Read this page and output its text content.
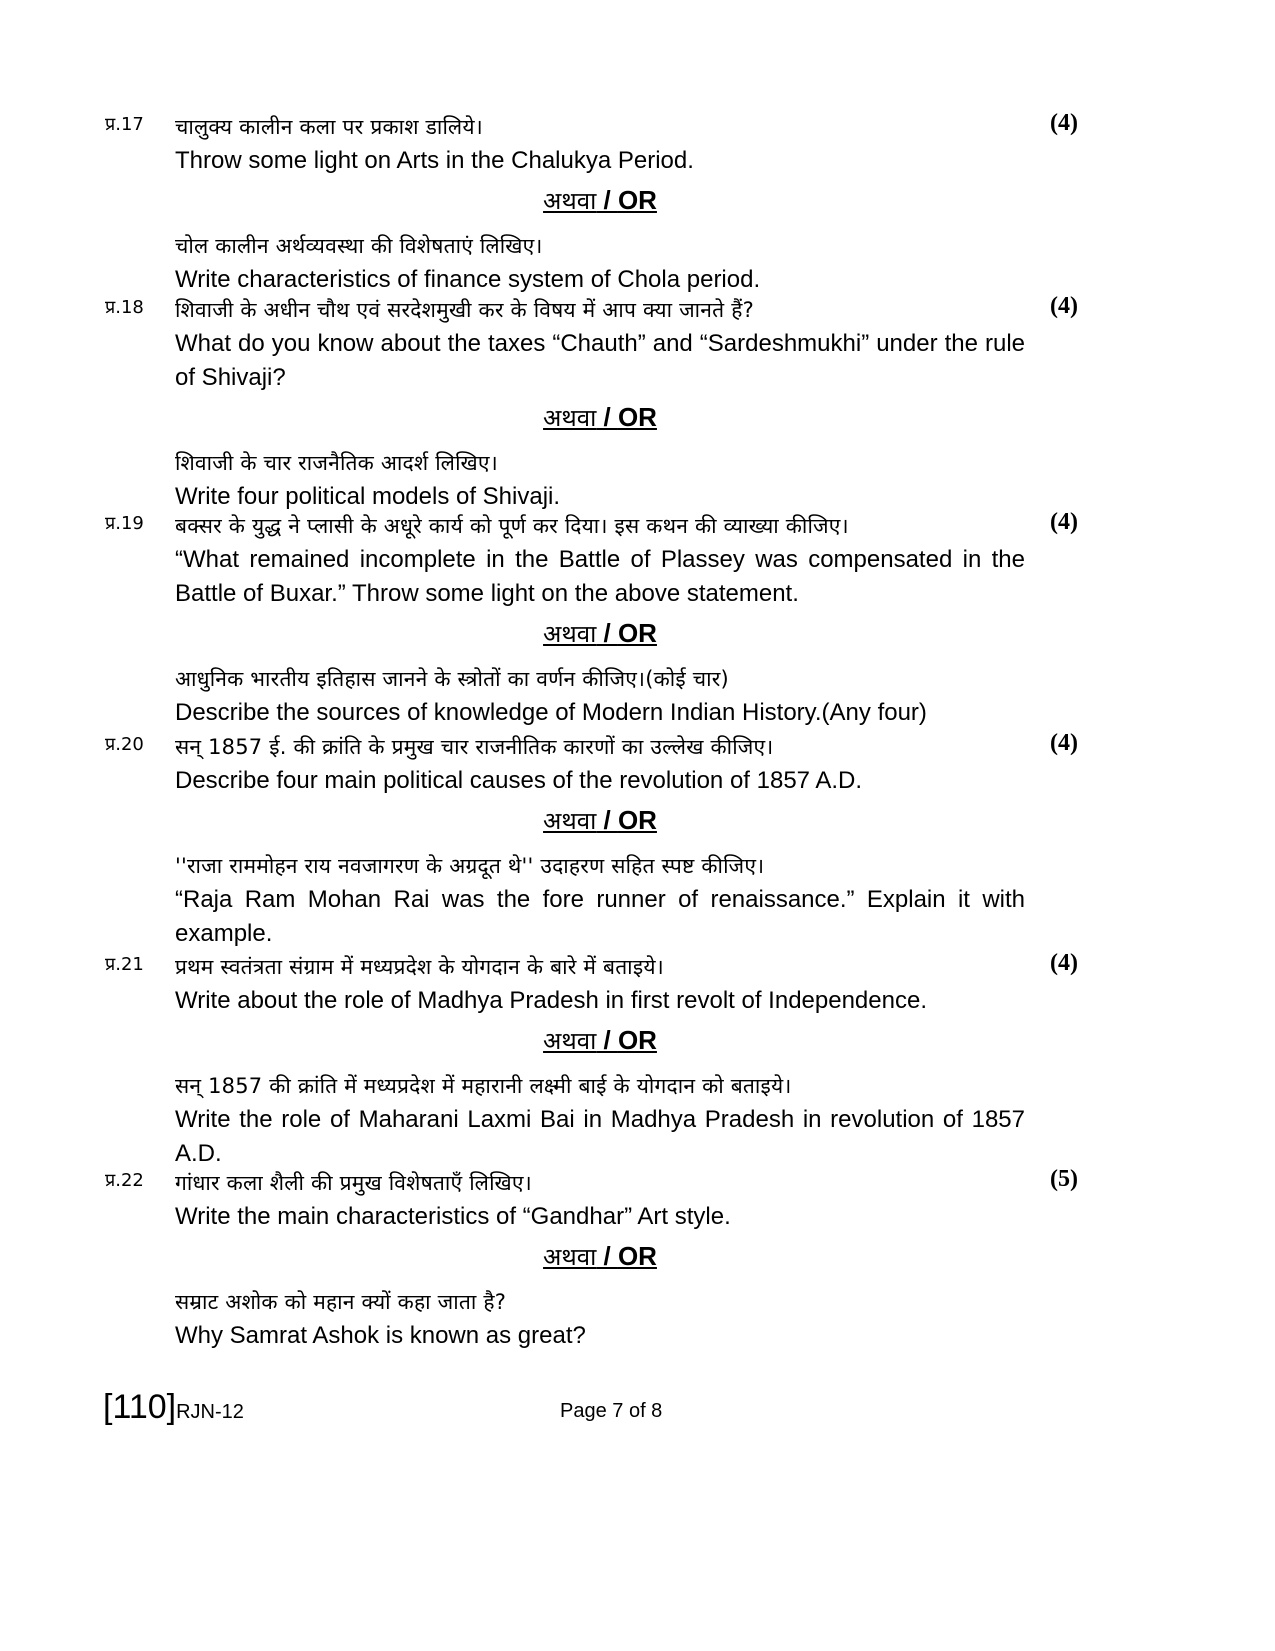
प्र.17	(4)
चालुक्य कालीन कला पर प्रकाश डालिये।
Throw some light on Arts in the Chalukya Period.
अथवा / OR
चोल कालीन अर्थव्यवस्था की विशेषताएं लिखिए।
Write characteristics of finance system of Chola period.
प्र.18	(4)
शिवाजी के अधीन चौथ एवं सरदेशमुखी कर के विषय में आप क्या जानते हैं?
What do you know about the taxes “Chauth” and “Sardeshmukhi” under the rule of Shivaji?
अथवा / OR
शिवाजी के चार राजनैतिक आदर्श लिखिए।
Write four political models of Shivaji.
प्र.19	(4)
बक्सर के युद्ध ने प्लासी के अधूरे कार्य को पूर्ण कर दिया। इस कथन की व्याख्या कीजिए।
“What remained incomplete in the Battle of Plassey was compensated in the Battle of Buxar.” Throw some light on the above statement.
अथवा / OR
आधुनिक भारतीय इतिहास जानने के स्त्रोतों का वर्णन कीजिए।(कोई चार)
Describe the sources of knowledge of Modern Indian History.(Any four)
प्र.20	(4)
सन् 1857 ई. की क्रांति के प्रमुख चार राजनीतिक कारणों का उल्लेख कीजिए।
Describe four main political causes of the revolution of 1857 A.D.
अथवा / OR
''राजा राममोहन राय नवजागरण के अग्रदूत थे'' उदाहरण सहित स्पष्ट कीजिए।
“Raja Ram Mohan Rai was the fore runner of renaissance.” Explain it with example.
प्र.21	(4)
प्रथम स्वतंत्रता संग्राम में मध्यप्रदेश के योगदान के बारे में बताइये।
Write about the role of Madhya Pradesh in first revolt of Independence.
अथवा / OR
सन् 1857 की क्रांति में मध्यप्रदेश में महारानी लक्ष्मी बाई के योगदान को बताइये।
Write the role of Maharani Laxmi Bai in Madhya Pradesh in revolution of 1857 A.D.
प्र.22	(5)
गांधार कला शैली की प्रमुख विशेषताएँ लिखिए।
Write the main characteristics of “Gandhar” Art style.
अथवा / OR
सम्राट अशोक को महान क्यों कहा जाता है?
Why Samrat Ashok is known as great?
[110]RJN-12	Page 7 of 8
